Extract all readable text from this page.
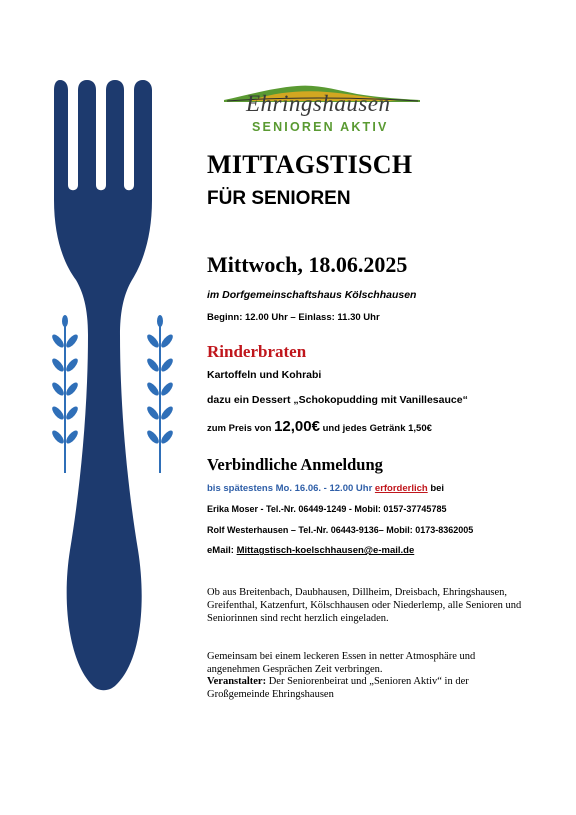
Ehringshausen
SENIOREN AKTIV
MITTAGSTISCH
FÜR SENIOREN
Mittwoch, 18.06.2025
im Dorfgemeinschaftshaus Kölschhausen
Beginn: 12.00 Uhr – Einlass: 11.30 Uhr
Rinderbraten
Kartoffeln und Kohrabi
dazu ein Dessert „Schokopudding mit Vanillesauce“
zum Preis von 12,00€ und jedes Getränk 1,50€
Verbindliche Anmeldung
bis spätestens Mo. 16.06. - 12.00 Uhr erforderlich bei
Erika Moser - Tel.-Nr. 06449-1249 - Mobil: 0157-37745785
Rolf Westerhausen – Tel.-Nr. 06443-9136– Mobil: 0173-8362005
eMail: Mittagstisch-koelschhausen@e-mail.de
Ob aus Breitenbach, Daubhausen, Dillheim, Dreisbach, Ehringshausen, Greifenthal, Katzenfurt, Kölschhausen oder Niederlemp, alle Senioren und Seniorinnen sind recht herzlich eingeladen.
Gemeinsam bei einem leckeren Essen in netter Atmosphäre und angenehmen Gesprächen Zeit verbringen.
Veranstalter: Der Seniorenbeirat und „Senioren Aktiv“ in der Großgemeinde Ehringshausen
